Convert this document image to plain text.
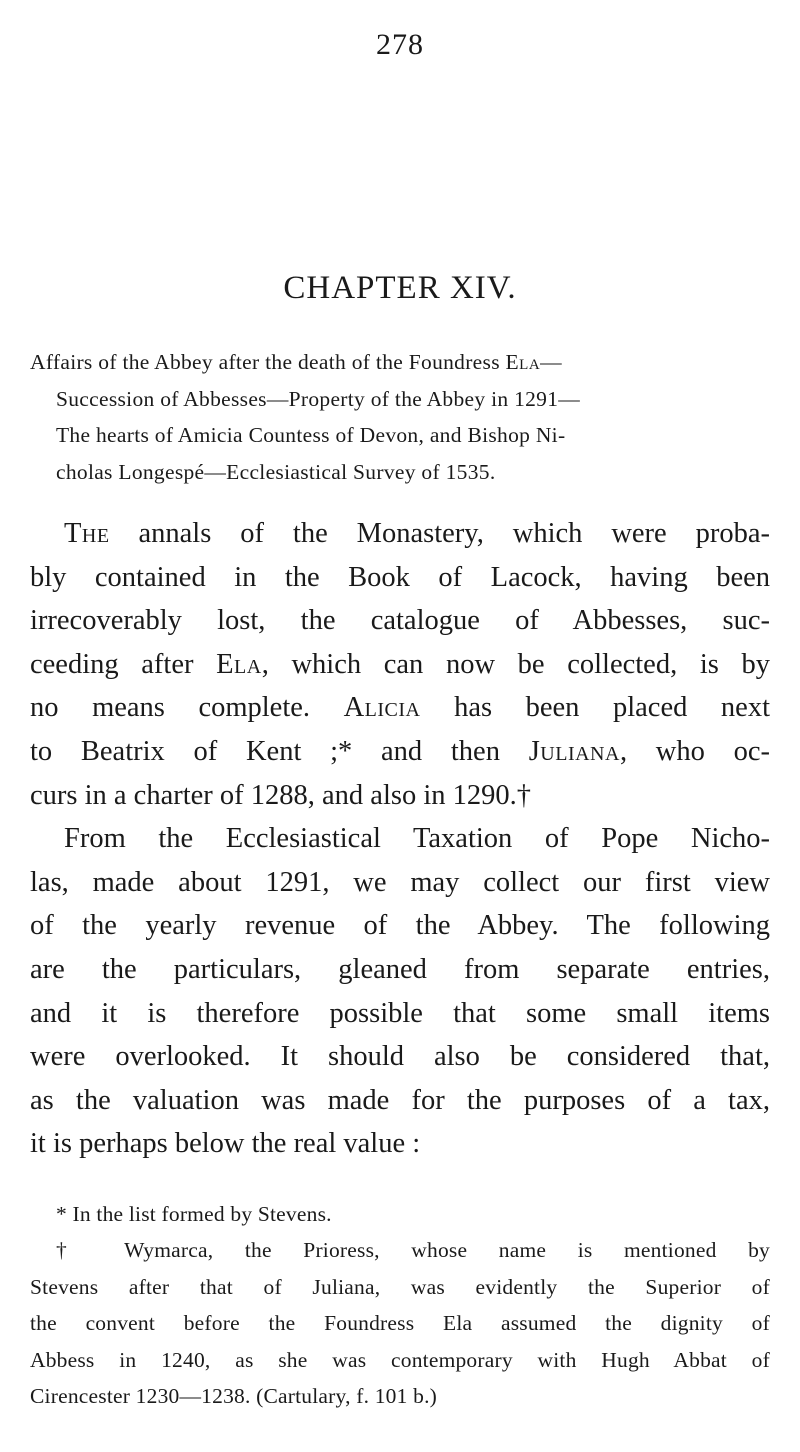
278
CHAPTER XIV.
Affairs of the Abbey after the death of the Foundress Ela—
Succession of Abbesses—Property of the Abbey in 1291—
The hearts of Amicia Countess of Devon, and Bishop Ni-
cholas Longespé—Ecclesiastical Survey of 1535.
The annals of the Monastery, which were proba-
bly contained in the Book of Lacock, having been
irrecoverably lost, the catalogue of Abbesses, suc-
ceeding after Ela, which can now be collected, is by
no means complete. Alicia has been placed next
to Beatrix of Kent ;* and then Juliana, who oc-
curs in a charter of 1288, and also in 1290.†
From the Ecclesiastical Taxation of Pope Nicho-
las, made about 1291, we may collect our first view
of the yearly revenue of the Abbey. The following
are the particulars, gleaned from separate entries,
and it is therefore possible that some small items
were overlooked. It should also be considered that,
as the valuation was made for the purposes of a tax,
it is perhaps below the real value :
* In the list formed by Stevens.
† Wymarca, the Prioress, whose name is mentioned by
Stevens after that of Juliana, was evidently the Superior of
the convent before the Foundress Ela assumed the dignity of
Abbess in 1240, as she was contemporary with Hugh Abbat of
Cirencester 1230—1238. (Cartulary, f. 101 b.)
